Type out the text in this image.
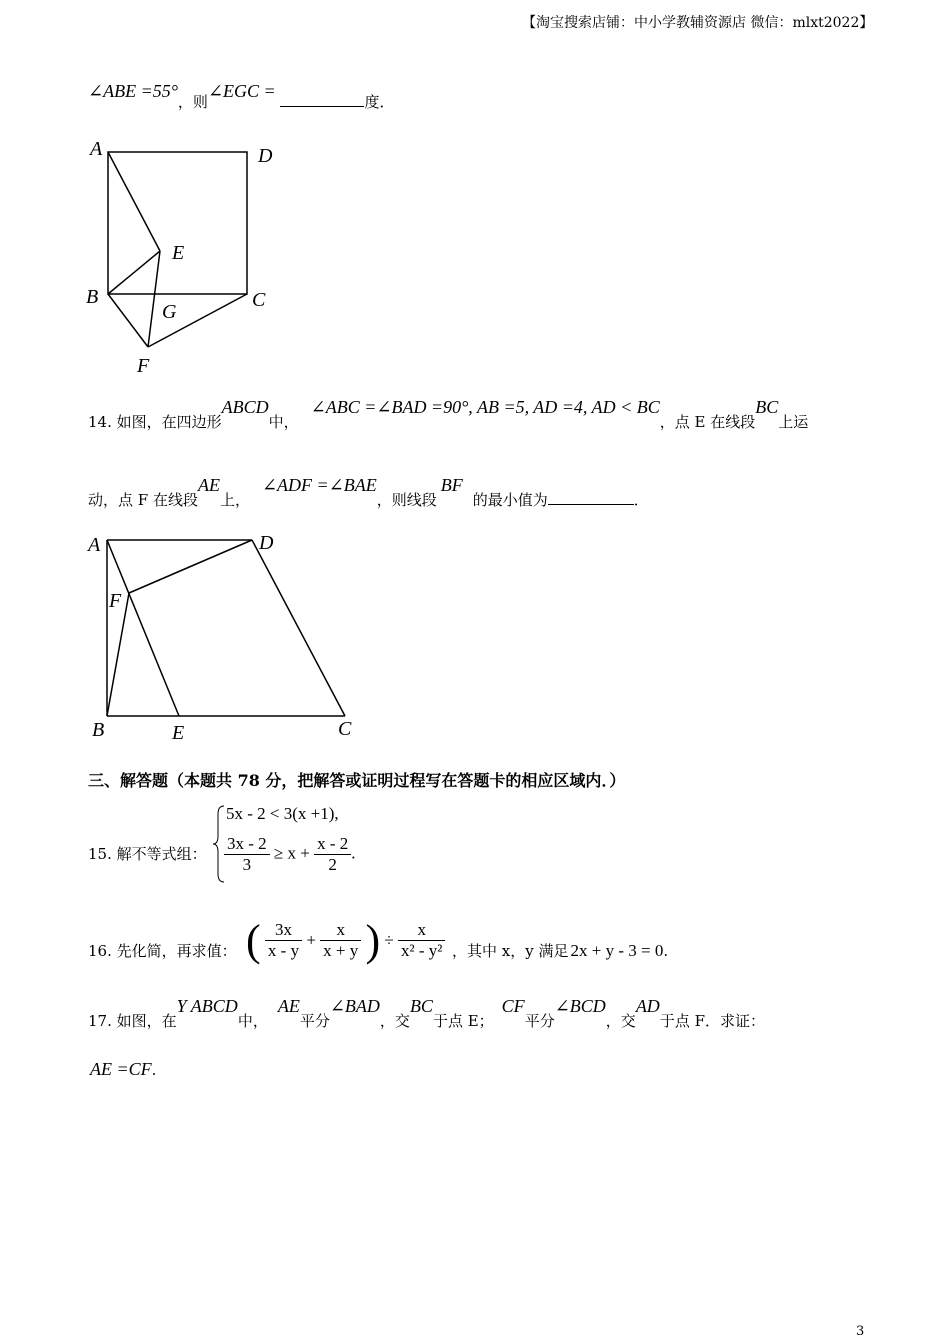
【淘宝搜索店铺：中小学教辅资源店 微信：mlxt2022】
∠ABE =55°，则∠EGC = 度．
A	D
E
B
G
C
F
14. 如图，在四边形ABCD中，∠ABC =∠BAD =90°, AB =5, AD =4, AD < BC，点 E 在线段BC上运
动，点 F 在线段AE上，∠ADF =∠BAE，则线段BF的最小值为	．
A	D
F
B	E	C
三、解答题（本题共 78 分，把解答或证明过程写在答题卡的相应区域内．）
15. 解不等式组：
5x - 2 < 3(x +1),
$\frac{3x - 2}{3} \ge x + \frac{x - 2}{2}$ .
16. 先化简，再求值： ( $\frac{3x}{x - y} + \frac{x}{x + y}$ ) ÷ $\frac{x}{\text{x² - y²}}$ ，其中 x，y 满足 2x + y - 3 = 0.
17. 如图，在Y ABCD中，AE平分∠BAD，交BC于点 E；CF平分∠BCD，交AD于点 F．求证：
AE =CF.
3
